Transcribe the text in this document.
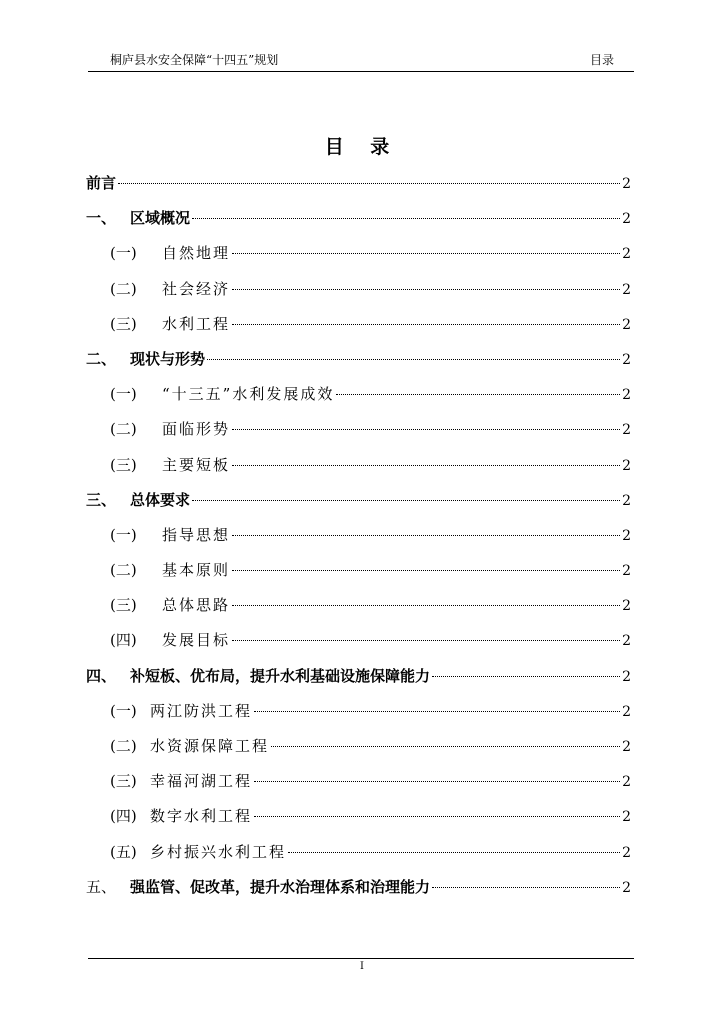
桐庐县水安全保障“十四五”规划	目录
目 录
前言	2
一、 区域概况	2
(一)	自然地理	2
(二)	社会经济	2
(三)	水利工程	2
二、 现状与形势	2
(一)	“十三五”水利发展成效	2
(二)	面临形势	2
(三)	主要短板	2
三、 总体要求	2
(一)	指导思想	2
(二)	基本原则	2
(三)	总体思路	2
(四)	发展目标	2
四、 补短板、优布局，提升水利基础设施保障能力	2
(一) 两江防洪工程	2
(二) 水资源保障工程	2
(三) 幸福河湖工程	2
(四) 数字水利工程	2
(五) 乡村振兴水利工程	2
五、 强监管、促改革，提升水治理体系和治理能力	2
I
